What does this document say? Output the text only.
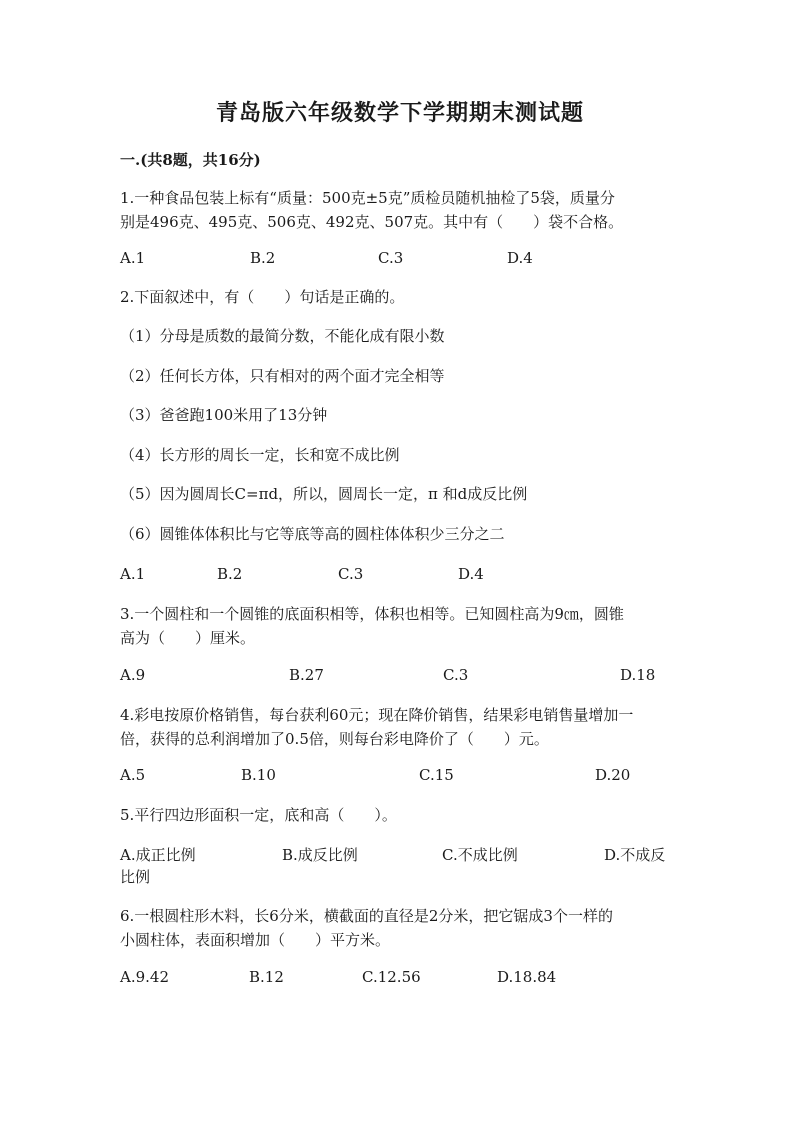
青岛版六年级数学下学期期末测试题
一.(共8题，共16分)
1.一种食品包装上标有“质量：500克±5克”质检员随机抽检了5袋，质量分
别是496克、495克、506克、492克、507克。其中有（　　）袋不合格。
A.1	B.2	C.3	D.4
2.下面叙述中，有（　　）句话是正确的。
（1）分母是质数的最简分数，不能化成有限小数
（2）任何长方体，只有相对的两个面才完全相等
（3）爸爸跑100米用了13分钟
（4）长方形的周长一定，长和宽不成比例
（5）因为圆周长C=πd，所以，圆周长一定，π 和d成反比例
（6）圆锥体体积比与它等底等高的圆柱体体积少三分之二
A.1	B.2	C.3	D.4
3.一个圆柱和一个圆锥的底面积相等，体积也相等。已知圆柱高为9㎝，圆锥
高为（　　）厘米。
A.9	B.27	C.3	D.18
4.彩电按原价格销售，每台获利60元；现在降价销售，结果彩电销售量增加一
倍，获得的总利润增加了0.5倍，则每台彩电降价了（　　）元。
A.5	B.10	C.15	D.20
5.平行四边形面积一定，底和高（　　）。
A.成正比例	B.成反比例	C.不成比例	D.不成反
比例
6.一根圆柱形木料，长6分米，横截面的直径是2分米，把它锯成3个一样的
小圆柱体，表面积增加（　　）平方米。
A.9.42	B.12	C.12.56	D.18.84
